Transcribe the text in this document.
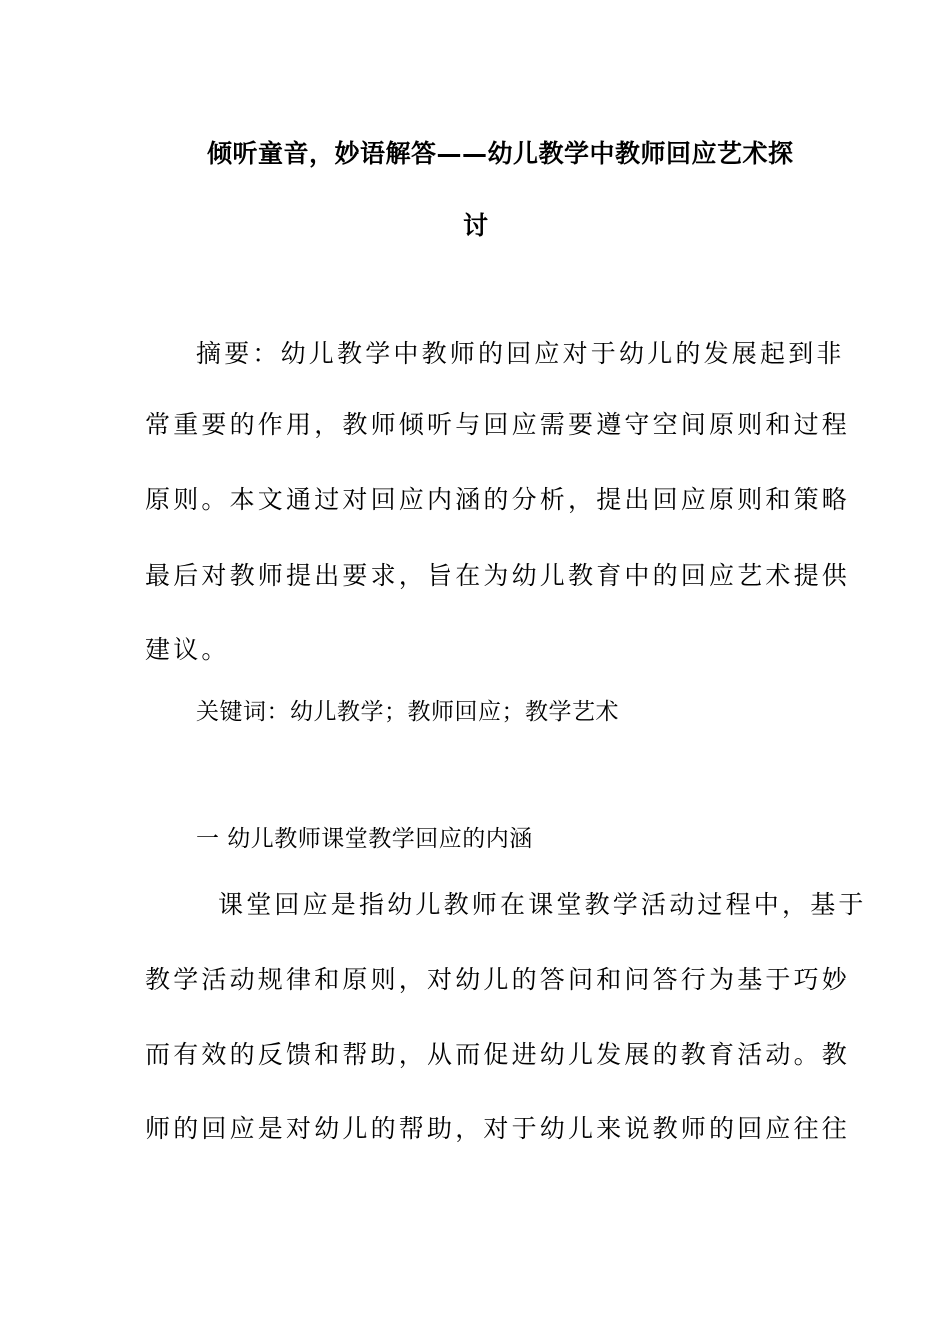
倾听童音，妙语解答——幼儿教学中教师回应艺术探
讨

摘要：幼儿教学中教师的回应对于幼儿的发展起到非

常重要的作用，教师倾听与回应需要遵守空间原则和过程

原则。本文通过对回应内涵的分析，提出回应原则和策略

最后对教师提出要求，旨在为幼儿教育中的回应艺术提供

建议。

关键词：幼儿教学；教师回应；教学艺术

一 幼儿教师课堂教学回应的内涵

课堂回应是指幼儿教师在课堂教学活动过程中，基于

教学活动规律和原则，对幼儿的答问和问答行为基于巧妙

而有效的反馈和帮助，从而促进幼儿发展的教育活动。教

师的回应是对幼儿的帮助，对于幼儿来说教师的回应往往
